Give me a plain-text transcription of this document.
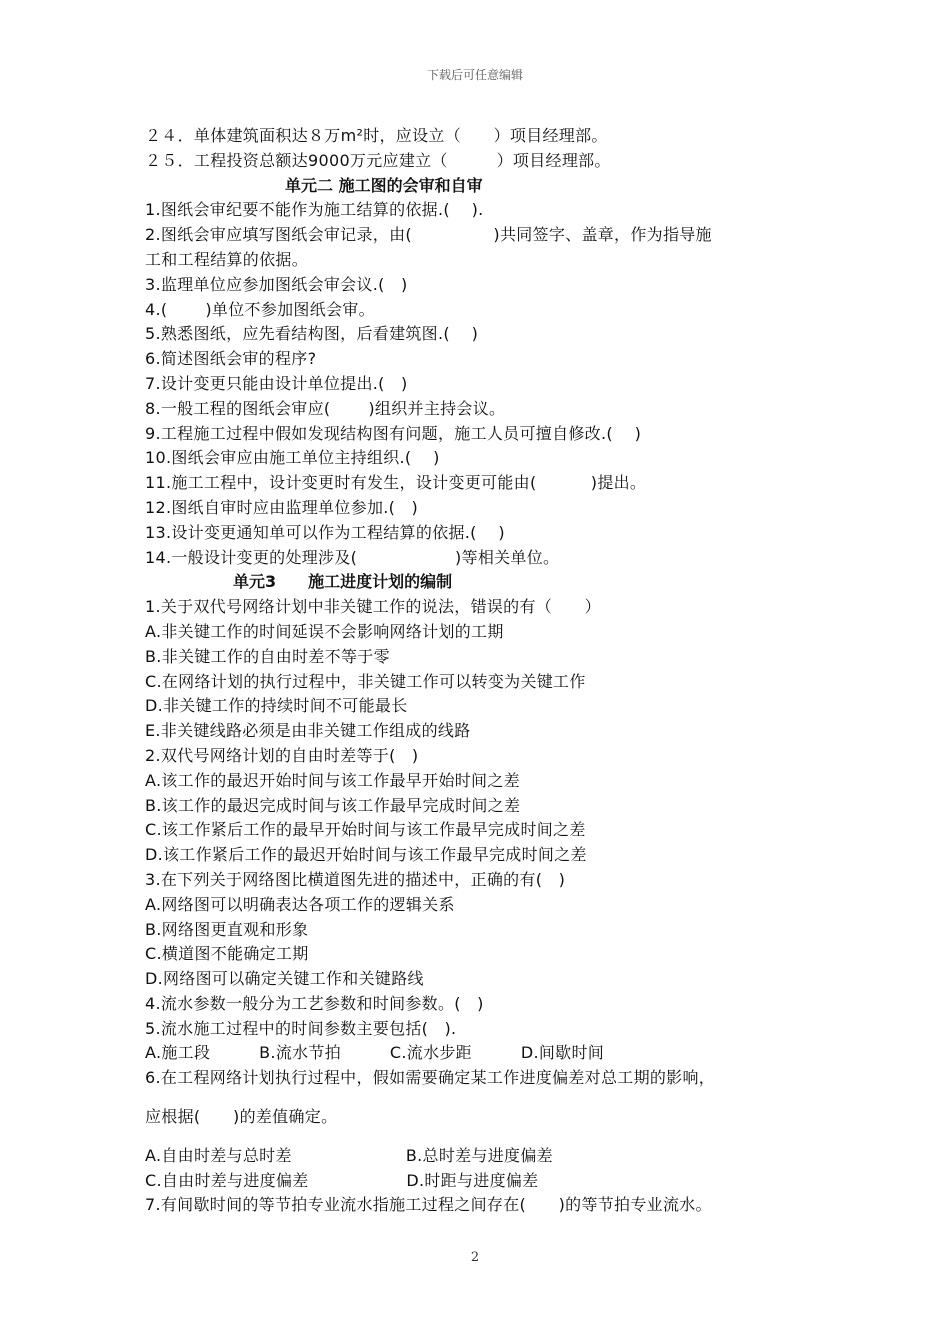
下载后可任意编辑
２４．单体建筑面积达８万m²时，应设立（　　）项目经理部。
２５．工程投资总额达9000万元应建立（　　　）项目经理部。
单元二 施工图的会审和自审
1.图纸会审纪要不能作为施工结算的依据.(　 ).
2.图纸会审应填写图纸会审记录，由(　　　　　)共同签字、盖章，作为指导施
工和工程结算的依据。
3.监理单位应参加图纸会审会议.(　)
4.(　　 )单位不参加图纸会审。
5.熟悉图纸，应先看结构图，后看建筑图.(　 )
6.简述图纸会审的程序?
7.设计变更只能由设计单位提出.(　)
8.一般工程的图纸会审应(　　 )组织并主持会议。
9.工程施工过程中假如发现结构图有问题，施工人员可擅自修改.(　 )
10.图纸会审应由施工单位主持组织.(　 )
11.施工工程中，设计变更时有发生，设计变更可能由(　　　 )提出。
12.图纸自审时应由监理单位参加.(　)
13.设计变更通知单可以作为工程结算的依据.(　 )
14.一般设计变更的处理涉及(　　　　　　)等相关单位。
单元3　　施工进度计划的编制
1.关于双代号网络计划中非关键工作的说法，错误的有（　　）
A.非关键工作的时间延误不会影响网络计划的工期
B.非关键工作的自由时差不等于零
C.在网络计划的执行过程中，非关键工作可以转变为关键工作
D.非关键工作的持续时间不可能最长
E.非关键线路必须是由非关键工作组成的线路
2.双代号网络计划的自由时差等于(　)
A.该工作的最迟开始时间与该工作最早开始时间之差
B.该工作的最迟完成时间与该工作最早完成时间之差
C.该工作紧后工作的最早开始时间与该工作最早完成时间之差
D.该工作紧后工作的最迟开始时间与该工作最早完成时间之差
3.在下列关于网络图比横道图先进的描述中，正确的有(　)
A.网络图可以明确表达各项工作的逻辑关系
B.网络图更直观和形象
C.横道图不能确定工期
D.网络图可以确定关键工作和关键路线
4.流水参数一般分为工艺参数和时间参数。(　)
5.流水施工过程中的时间参数主要包括(　).
A.施工段　　　B.流水节拍　　　C.流水步距　　　D.间歇时间
6.在工程网络计划执行过程中，假如需要确定某工作进度偏差对总工期的影响，
应根据(　　)的差值确定。
A.自由时差与总时差　　　　　　　B.总时差与进度偏差
C.自由时差与进度偏差　　　　　　D.时距与进度偏差
7.有间歇时间的等节拍专业流水指施工过程之间存在(　　)的等节拍专业流水。
2
